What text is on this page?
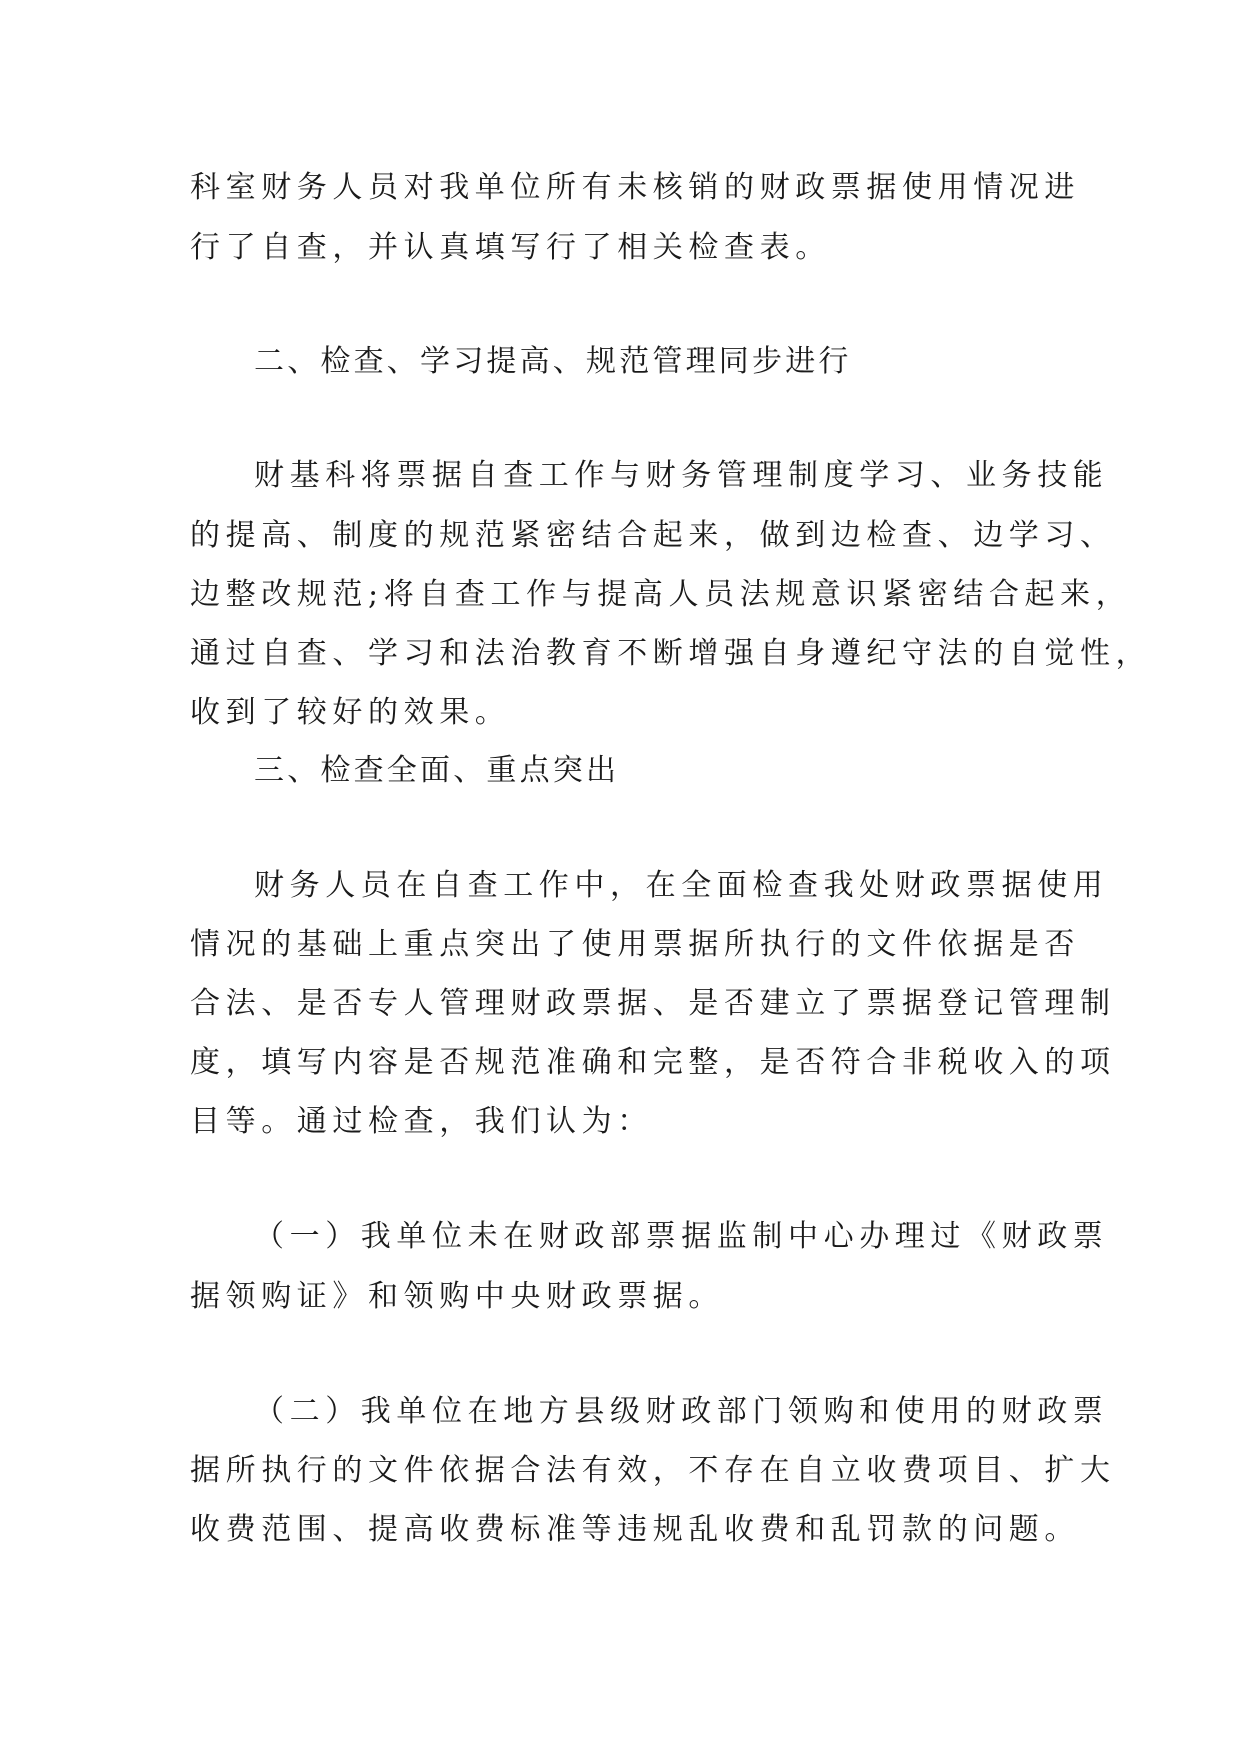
科室财务人员对我单位所有未核销的财政票据使用情况进

行了自查，并认真填写行了相关检查表。

二、检查、学习提高、规范管理同步进行

财基科将票据自查工作与财务管理制度学习、业务技能

的提高、制度的规范紧密结合起来，做到边检查、边学习、

边整改规范;将自查工作与提高人员法规意识紧密结合起来，

通过自查、学习和法治教育不断增强自身遵纪守法的自觉性，

收到了较好的效果。

三、检查全面、重点突出

财务人员在自查工作中，在全面检查我处财政票据使用

情况的基础上重点突出了使用票据所执行的文件依据是否

合法、是否专人管理财政票据、是否建立了票据登记管理制

度，填写内容是否规范准确和完整，是否符合非税收入的项

目等。通过检查，我们认为：

（一）我单位未在财政部票据监制中心办理过《财政票

据领购证》和领购中央财政票据。

（二）我单位在地方县级财政部门领购和使用的财政票

据所执行的文件依据合法有效，不存在自立收费项目、扩大

收费范围、提高收费标准等违规乱收费和乱罚款的问题。
